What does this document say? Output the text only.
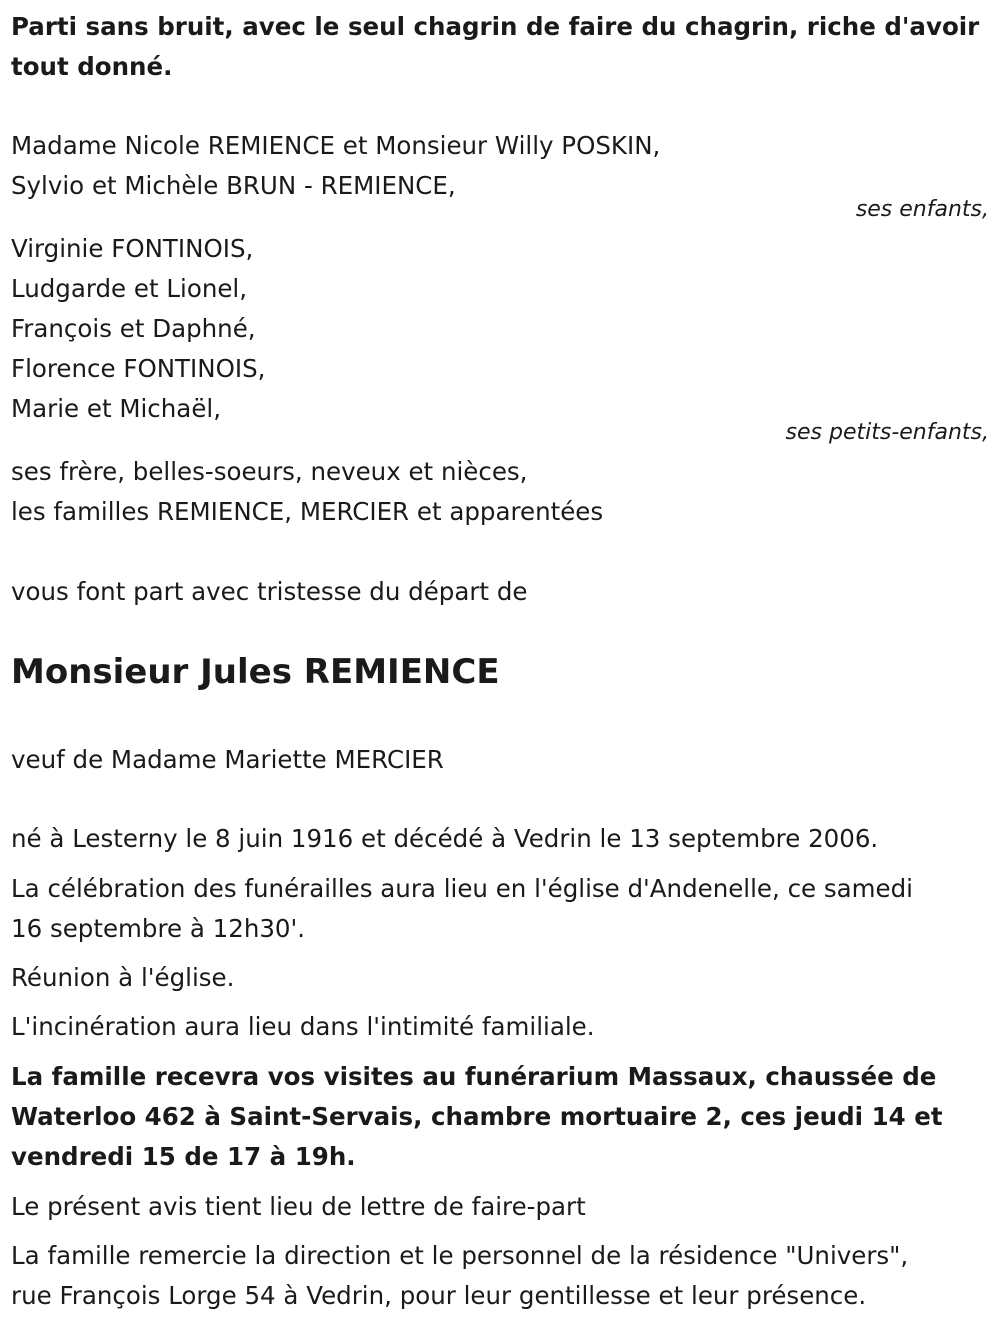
Parti sans bruit, avec le seul chagrin de faire du chagrin, riche d'avoir

tout donné.

Madame Nicole REMIENCE et Monsieur Willy POSKIN,

Sylvio et Michèle BRUN - REMIENCE,

ses enfants,

Virginie FONTINOIS,

Ludgarde et Lionel,

François et Daphné,

Florence FONTINOIS,

Marie et Michaël,

ses petits-enfants,

ses frère, belles-soeurs, neveux et nièces,

les familles REMIENCE, MERCIER et apparentées

vous font part avec tristesse du départ de

Monsieur Jules REMIENCE

veuf de Madame Mariette MERCIER

né à Lesterny le 8 juin 1916 et décédé à Vedrin le 13 septembre 2006.

La célébration des funérailles aura lieu en l'église d'Andenelle, ce samedi

16 septembre à 12h30'.

Réunion à l'église.

L'incinération aura lieu dans l'intimité familiale.

La famille recevra vos visites au funérarium Massaux, chaussée de

Waterloo 462 à Saint-Servais, chambre mortuaire 2, ces jeudi 14 et

vendredi 15 de 17 à 19h.

Le présent avis tient lieu de lettre de faire-part

La famille remercie la direction et le personnel de la résidence "Univers",

rue François Lorge 54 à Vedrin, pour leur gentillesse et leur présence.
